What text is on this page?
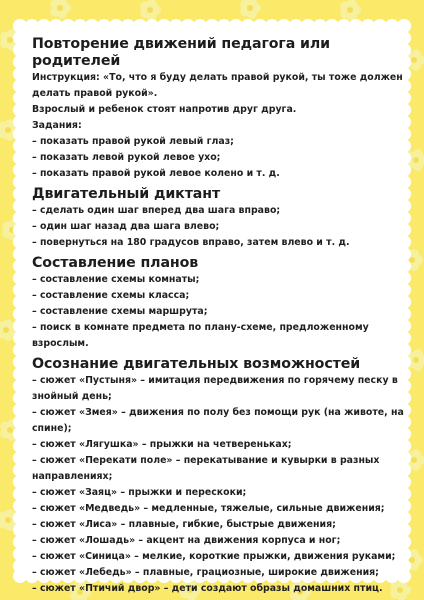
Повторение движений педагога или родителей

Инструкция: «То, что я буду делать правой рукой, ты тоже должен делать правой рукой».

Взрослый и ребенок стоят напротив друг друга.

Задания:

– показать правой рукой левый глаз;

– показать левой рукой левое ухо;

– показать правой рукой левое колено и т. д.

Двигательный диктант

– сделать один шаг вперед два шага вправо;

– один шаг назад два шага влево;

– повернуться на 180 градусов вправо, затем влево и т. д.

Составление планов

– составление схемы комнаты;

– составление схемы класса;

– составление схемы маршрута;

– поиск в комнате предмета по плану-схеме, предложенному взрослым.

Осознание двигательных возможностей

– сюжет «Пустыня» – имитация передвижения по горячему песку в знойный день;

– сюжет «Змея» – движения по полу без помощи рук (на животе, на спине);

– сюжет «Лягушка» – прыжки на четвереньках;

– сюжет «Перекати поле» – перекатывание и кувырки в разных направлениях;

– сюжет «Заяц» – прыжки и перескоки;

– сюжет «Медведь» – медленные, тяжелые, сильные движения;

– сюжет «Лиса» – плавные, гибкие, быстрые движения;

– сюжет «Лошадь» – акцент на движения корпуса и ног;

– сюжет «Синица» – мелкие, короткие прыжки, движения руками;

– сюжет «Лебедь» – плавные, грациозные, широкие движения;

– сюжет «Птичий двор» – дети создают образы домашних птиц.
